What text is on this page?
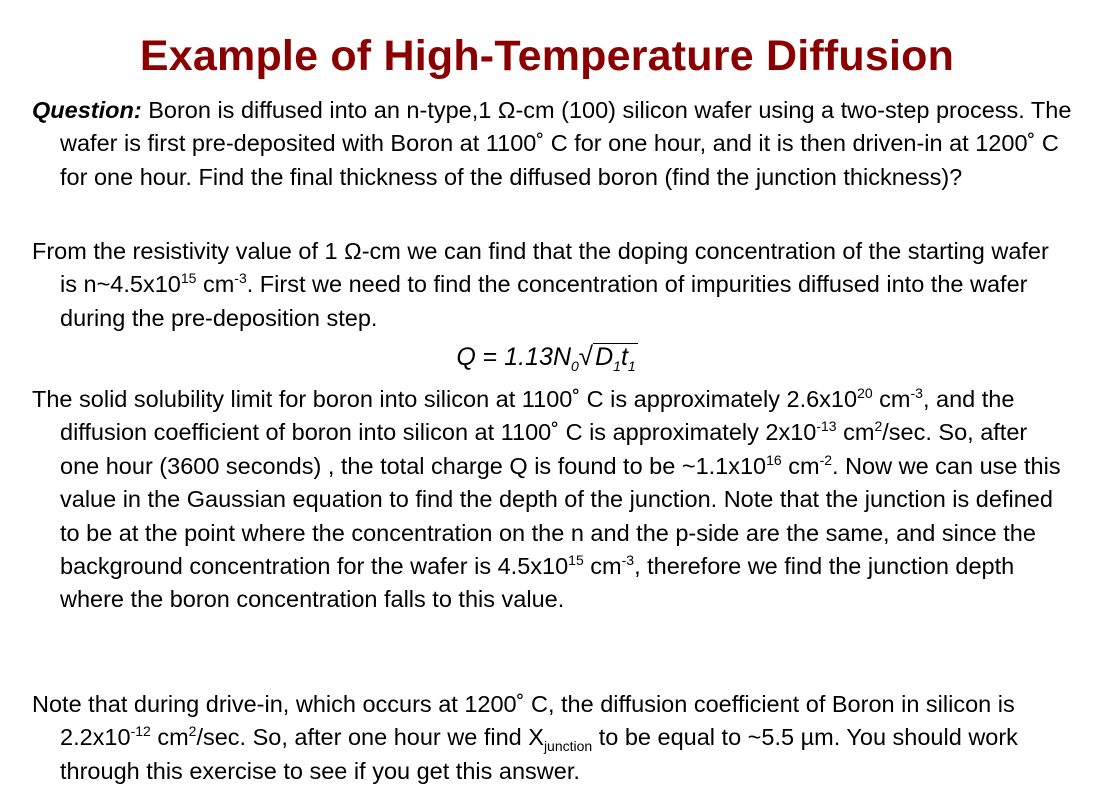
Example of High-Temperature Diffusion
Question: Boron is diffused into an n-type,1 Ω-cm (100) silicon wafer using a two-step process. The wafer is first pre-deposited with Boron at 1100˚ C for one hour, and it is then driven-in at 1200˚ C for one hour. Find the final thickness of the diffused boron (find the junction thickness)?
From the resistivity value of 1 Ω-cm we can find that the doping concentration of the starting wafer is $n\sim 4.5x10^{15}$ $cm^{-3}$. First we need to find the concentration of impurities diffused into the wafer during the pre-deposition step.
$Q = 1.13N_0√D_1t_1$
The solid solubility limit for boron into silicon at 1100˚ C is approximately $2.6x10^{20}$ $cm^{-3}$, and the diffusion coefficient of boron into silicon at 1100˚ C is approximately $2x10^{-13}$ $cm^2/\sec$. So, after one hour (3600 seconds) , the total charge Q is found to be $\sim 1.1x10^{16}$ $cm^{-2}$. Now we can use this value in the Gaussian equation to find the depth of the junction. Note that the junction is defined to be at the point where the concentration on the n and the p-side are the same, and since the background concentration for the wafer is $4.5x10^{15}$ $cm^{-3}$, therefore we find the junction depth where the boron concentration falls to this value.
Note that during drive-in, which occurs at 1200˚ C, the diffusion coefficient of Boron in silicon is $2.2x10^{-12}$ $cm^2/\sec$. So, after one hour we find $X_{junction}$ to be equal to ~5.5 µm. You should work through this exercise to see if you get this answer.
